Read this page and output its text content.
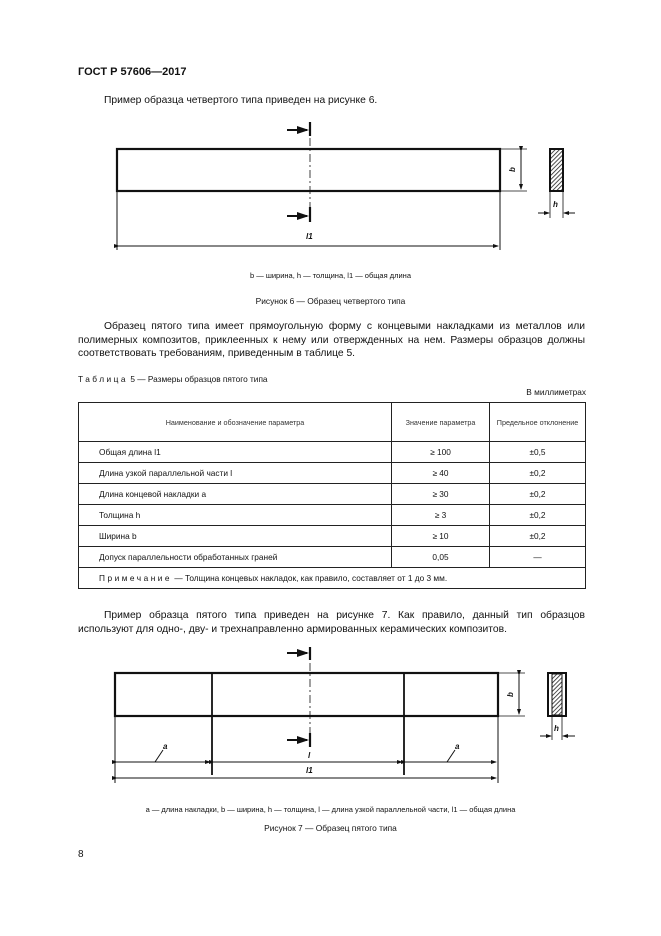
ГОСТ Р 57606—2017
Пример образца четвертого типа приведен на рисунке 6.
l1
b
h
b — ширина, h — толщина, l1 — общая длина
Рисунок 6 — Образец четвертого типа
Образец пятого типа имеет прямоугольную форму с концевыми накладками из металлов или полимерных композитов, приклеенных к нему или отвержденных на нем. Размеры образцов должны соответствовать требованиям, приведенным в таблице 5.
Таблица 5 — Размеры образцов пятого типа
В миллиметрах
Наименование и обозначение параметра	Значение параметра	Предельное отклонение
Общая длина l1	≥ 100	±0,5
Длина узкой параллельной части l	≥ 40	±0,2
Длина концевой накладки a	≥ 30	±0,2
Толщина h	≥ 3	±0,2
Ширина b	≥ 10	±0,2
Допуск параллельности обработанных граней	0,05	—
Примечание — Толщина концевых накладок, как правило, составляет от 1 до 3 мм.		
Пример образца пятого типа приведен на рисунке 7. Как правило, данный тип образцов используют для одно-, дву- и трехнаправленно армированных керамических композитов.
a	a
l
l1
b
h
a — длина накладки, b — ширина, h — толщина, l — длина узкой параллельной части, l1 — общая длина
Рисунок 7 — Образец пятого типа
8
